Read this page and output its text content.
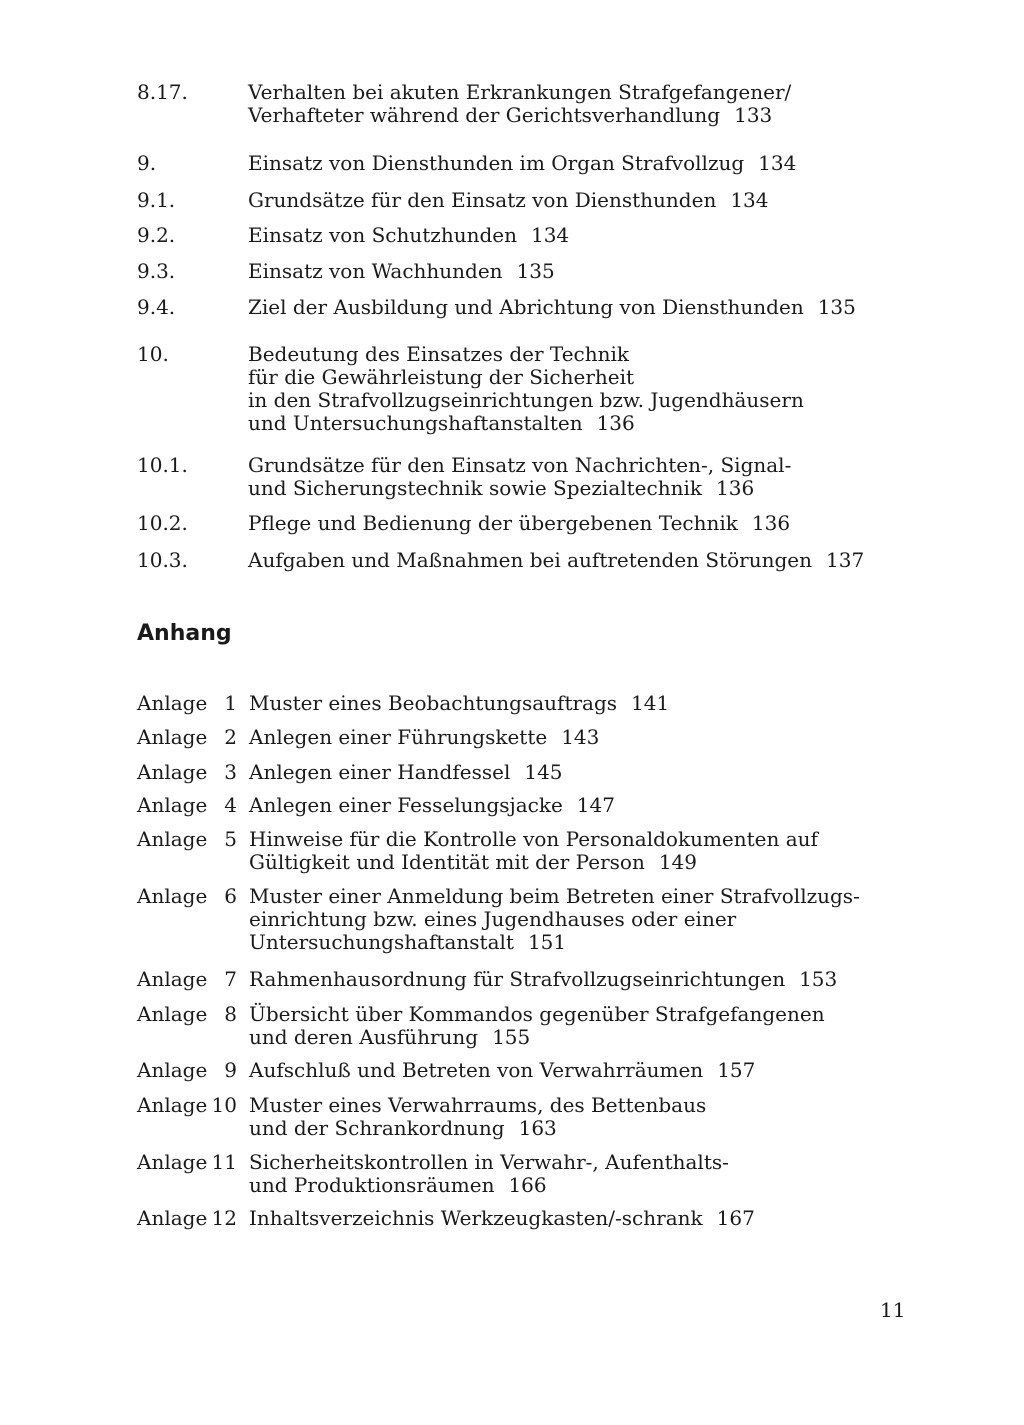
8.17.	Verhalten bei akuten Erkrankungen Strafgefangener/
Verhafteter während der Gerichtsverhandlung 133
9.	Einsatz von Diensthunden im Organ Strafvollzug 134
9.1.	Grundsätze für den Einsatz von Diensthunden 134
9.2.	Einsatz von Schutzhunden 134
9.3.	Einsatz von Wachhunden 135
9.4.	Ziel der Ausbildung und Abrichtung von Diensthunden 135
10.	Bedeutung des Einsatzes der Technik
für die Gewährleistung der Sicherheit
in den Strafvollzugseinrichtungen bzw. Jugendhäusern
und Untersuchungshaftanstalten 136
10.1.	Grundsätze für den Einsatz von Nachrichten-, Signal-
und Sicherungstechnik sowie Spezialtechnik 136
10.2.	Pflege und Bedienung der übergebenen Technik 136
10.3.	Aufgaben und Maßnahmen bei auftretenden Störungen 137
Anhang
Anlage 1 Muster eines Beobachtungsauftrags 141
Anlage 2 Anlegen einer Führungskette 143
Anlage 3 Anlegen einer Handfessel 145
Anlage 4 Anlegen einer Fesselungsjacke 147
Anlage 5 Hinweise für die Kontrolle von Personaldokumenten auf
Gültigkeit und Identität mit der Person 149
Anlage 6 Muster einer Anmeldung beim Betreten einer Strafvollzugs-
einrichtung bzw. eines Jugendhauses oder einer
Untersuchungshaftanstalt 151
Anlage 7 Rahmenhausordnung für Strafvollzugseinrichtungen 153
Anlage 8 Übersicht über Kommandos gegenüber Strafgefangenen
und deren Ausführung 155
Anlage 9 Aufschluß und Betreten von Verwahrräumen 157
Anlage 10 Muster eines Verwahrraums, des Bettenbaus
und der Schrankordnung 163
Anlage 11 Sicherheitskontrollen in Verwahr-, Aufenthalts-
und Produktionsräumen 166
Anlage 12 Inhaltsverzeichnis Werkzeugkasten/-schrank 167
11
